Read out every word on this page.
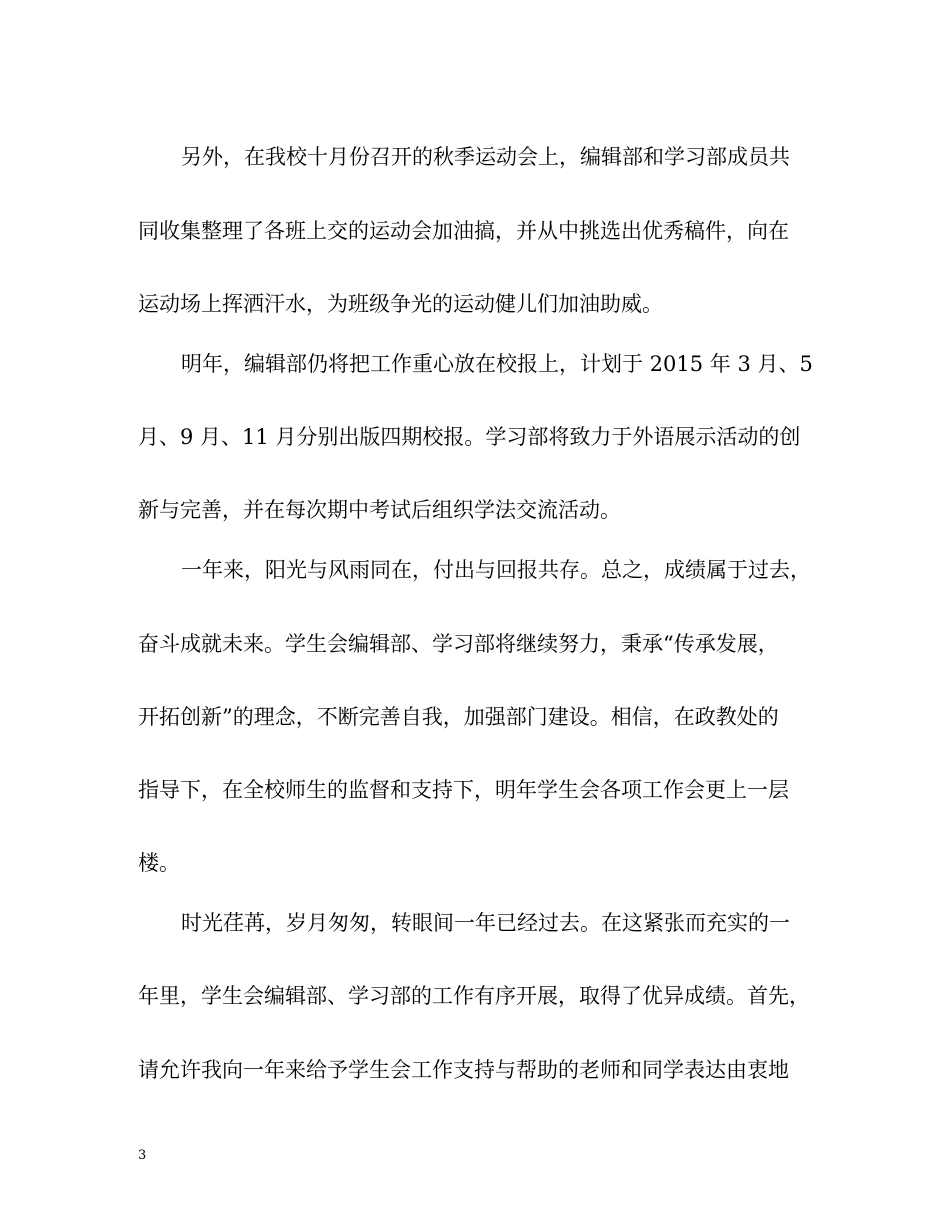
另外，在我校十月份召开的秋季运动会上，编辑部和学习部成员共
同收集整理了各班上交的运动会加油搞，并从中挑选出优秀稿件，向在
运动场上挥洒汗水，为班级争光的运动健儿们加油助威。
明年，编辑部仍将把工作重心放在校报上，计划于 2015 年 3 月、5
月、9 月、11 月分别出版四期校报。学习部将致力于外语展示活动的创
新与完善，并在每次期中考试后组织学法交流活动。
一年来，阳光与风雨同在，付出与回报共存。总之，成绩属于过去，
奋斗成就未来。学生会编辑部、学习部将继续努力，秉承“传承发展，
开拓创新”的理念，不断完善自我，加强部门建设。相信，在政教处的
指导下，在全校师生的监督和支持下，明年学生会各项工作会更上一层
楼。
时光荏苒，岁月匆匆，转眼间一年已经过去。在这紧张而充实的一
年里，学生会编辑部、学习部的工作有序开展，取得了优异成绩。首先，
请允许我向一年来给予学生会工作支持与帮助的老师和同学表达由衷地
3
